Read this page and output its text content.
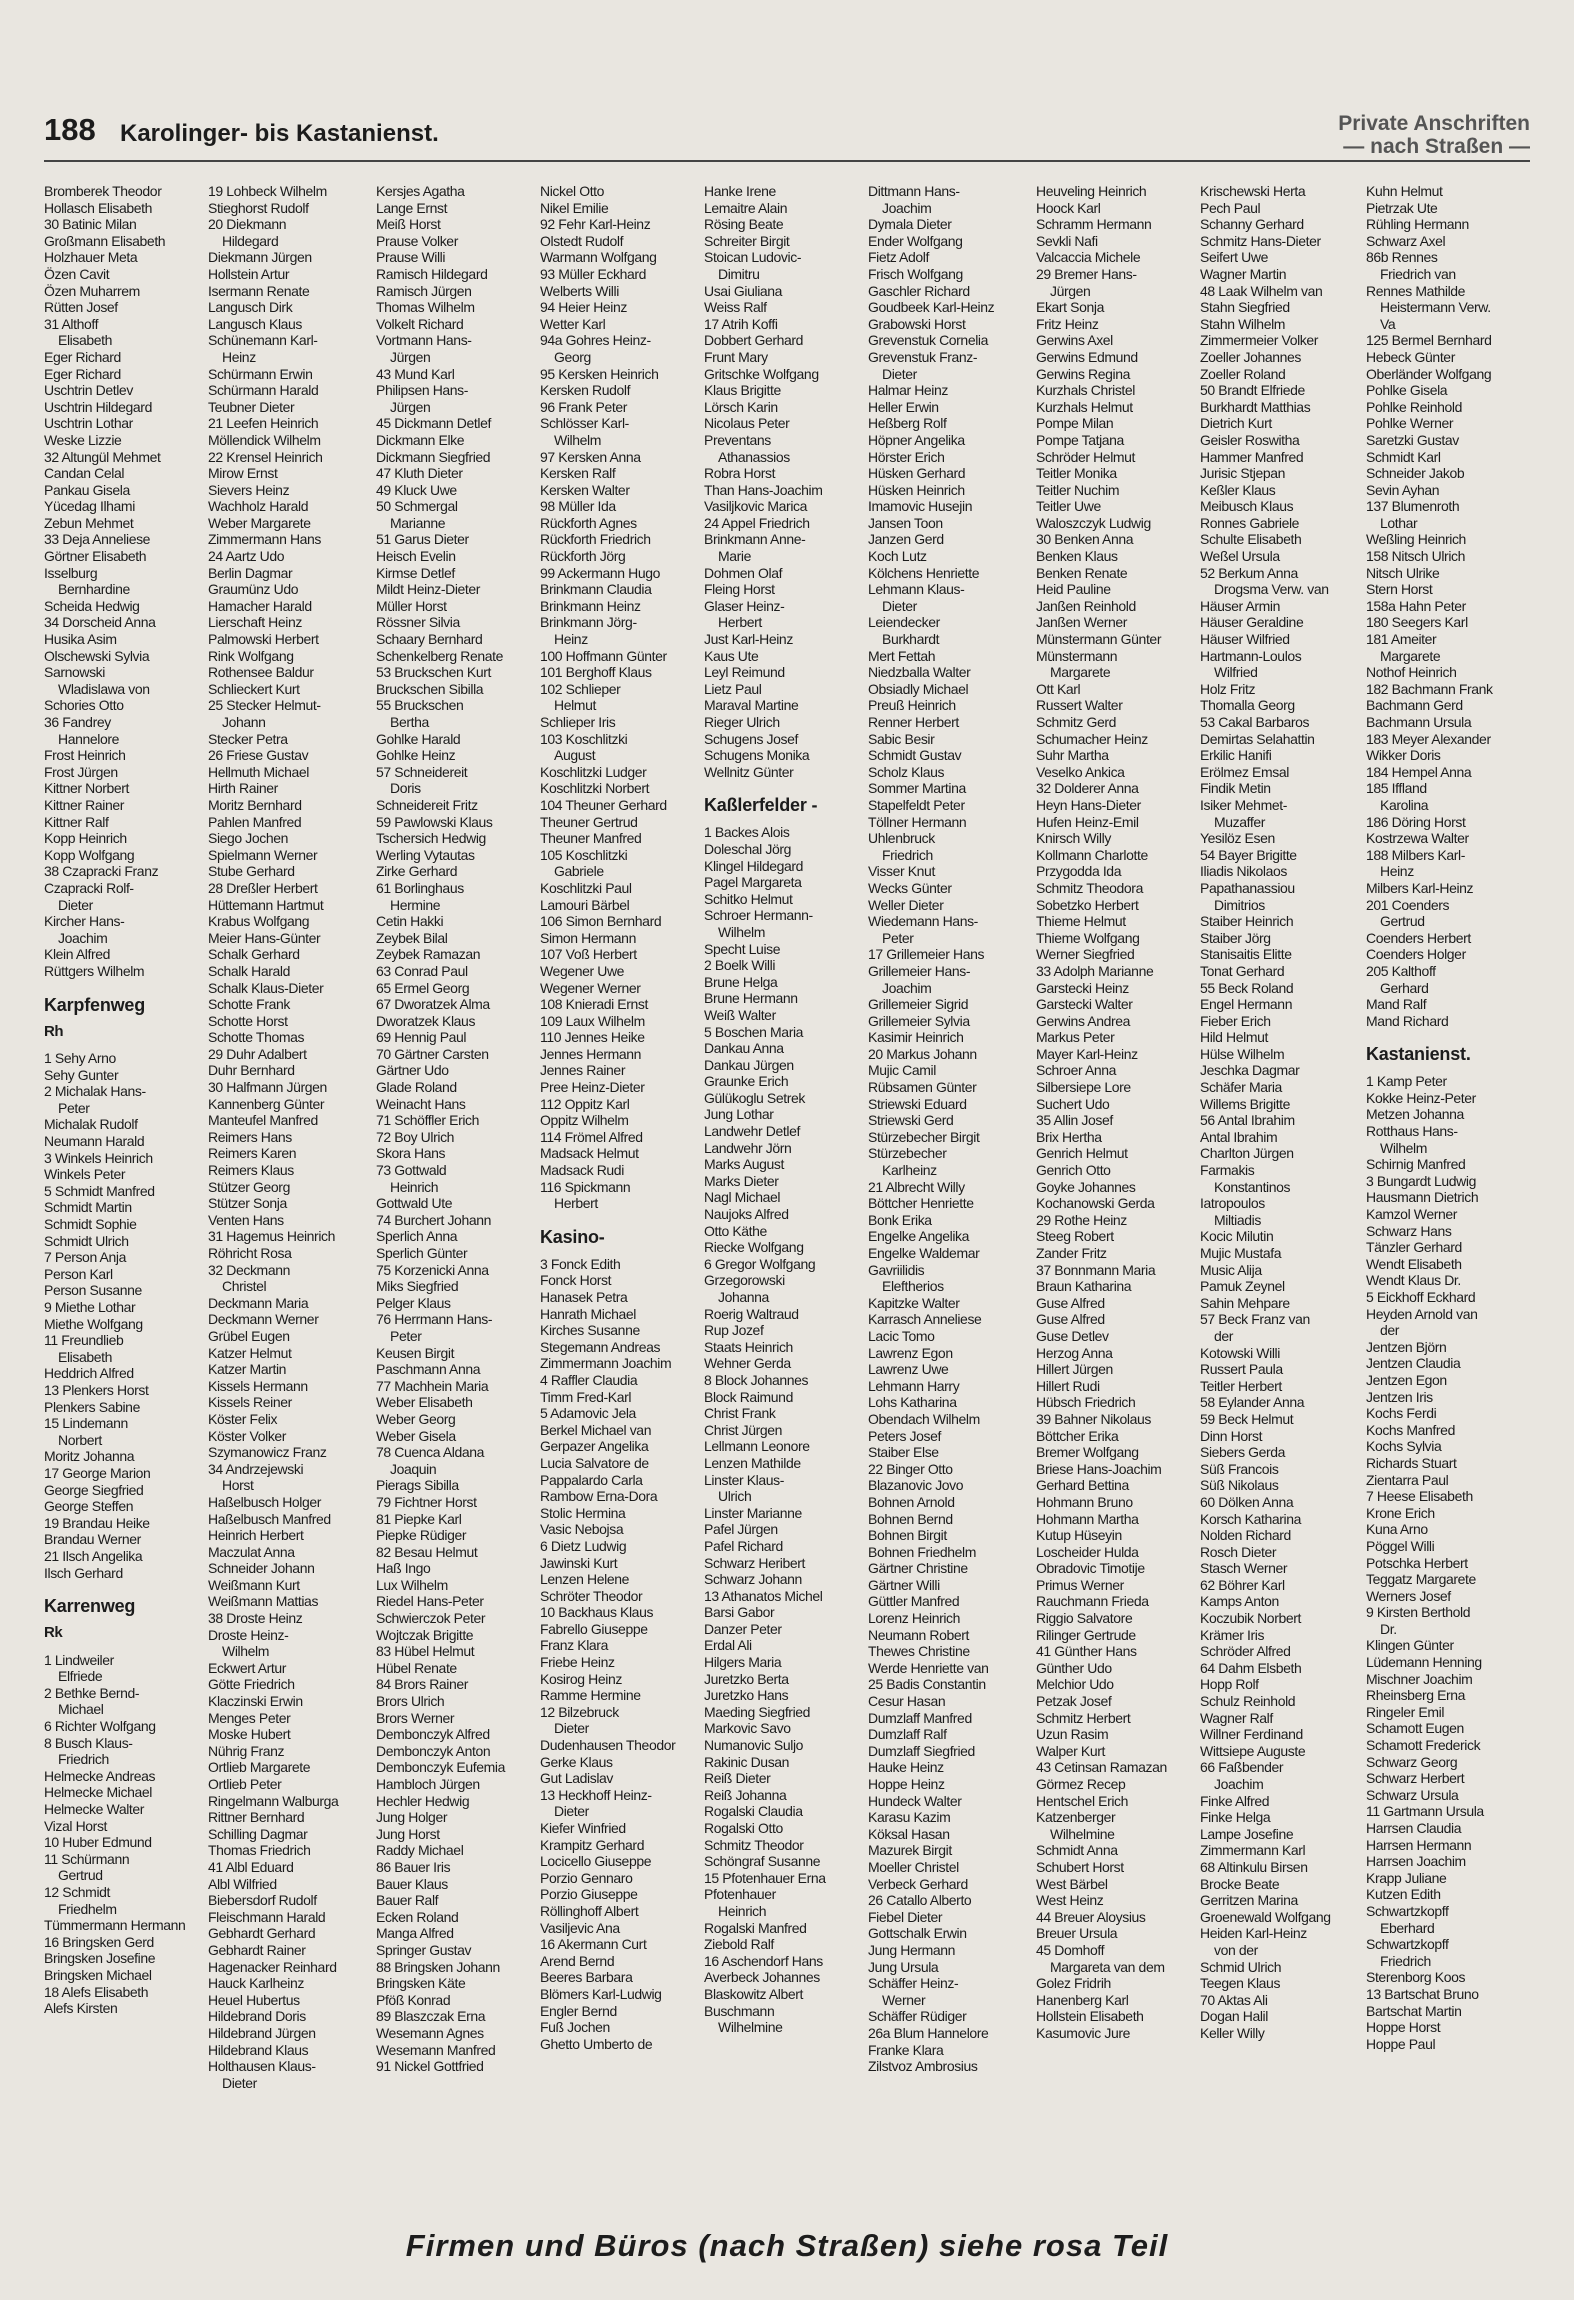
188 Karolinger- bis Kastanienst.	Private Anschriften
— nach Straßen —
Bromberek Theodor
Hollasch Elisabeth
30 Batinic Milan
Großmann Elisabeth
Holzhauer Meta
Özen Cavit
Özen Muharrem
Rütten Josef
31 Althoff
Elisabeth
Eger Richard
Eger Richard
Uschtrin Detlev
Uschtrin Hildegard
Uschtrin Lothar
Weske Lizzie
32 Altungül Mehmet
Candan Celal
Pankau Gisela
Yücedag Ilhami
Zebun Mehmet
33 Deja Anneliese
Görtner Elisabeth
Isselburg
Bernhardine
Scheida Hedwig
34 Dorscheid Anna
Husika Asim
Olschewski Sylvia
Sarnowski
Wladislawa von
Schories Otto
36 Fandrey
Hannelore
Frost Heinrich
Frost Jürgen
Kittner Norbert
Kittner Rainer
Kittner Ralf
Kopp Heinrich
Kopp Wolfgang
38 Czapracki Franz
Czapracki Rolf-
Dieter
Kircher Hans-
Joachim
Klein Alfred
Rüttgers Wilhelm
Karpfenweg
Rh
1 Sehy Arno
Sehy Gunter
2 Michalak Hans-
Peter
Michalak Rudolf
Neumann Harald
3 Winkels Heinrich
Winkels Peter
5 Schmidt Manfred
Schmidt Martin
Schmidt Sophie
Schmidt Ulrich
7 Person Anja
Person Karl
Person Susanne
9 Miethe Lothar
Miethe Wolfgang
11 Freundlieb
Elisabeth
Heddrich Alfred
13 Plenkers Horst
Plenkers Sabine
15 Lindemann
Norbert
Moritz Johanna
17 George Marion
George Siegfried
George Steffen
19 Brandau Heike
Brandau Werner
21 Ilsch Angelika
Ilsch Gerhard
Karrenweg
Rk
1 Lindweiler
Elfriede
2 Bethke Bernd-
Michael
6 Richter Wolfgang
8 Busch Klaus-
Friedrich
Helmecke Andreas
Helmecke Michael
Helmecke Walter
Vizal Horst
10 Huber Edmund
11 Schürmann
Gertrud
12 Schmidt
Friedhelm
Tümmermann Hermann
16 Bringsken Gerd
Bringsken Josefine
Bringsken Michael
18 Alefs Elisabeth
Alefs Kirsten
19 Lohbeck Wilhelm
Stieghorst Rudolf
20 Diekmann
Hildegard
Diekmann Jürgen
Hollstein Artur
Isermann Renate
Langusch Dirk
Langusch Klaus
Schünemann Karl-
Heinz
Schürmann Erwin
Schürmann Harald
Teubner Dieter
21 Leefen Heinrich
Möllendick Wilhelm
22 Krensel Heinrich
Mirow Ernst
Sievers Heinz
Wachholz Harald
Weber Margarete
Zimmermann Hans
24 Aartz Udo
Berlin Dagmar
Graumünz Udo
Hamacher Harald
Lierschaft Heinz
Palmowski Herbert
Rink Wolfgang
Rothensee Baldur
Schlieckert Kurt
25 Stecker Helmut-
Johann
Stecker Petra
26 Friese Gustav
Hellmuth Michael
Hirth Rainer
Moritz Bernhard
Pahlen Manfred
Siego Jochen
Spielmann Werner
Stube Gerhard
28 Dreßler Herbert
Hüttemann Hartmut
Krabus Wolfgang
Meier Hans-Günter
Schalk Gerhard
Schalk Harald
Schalk Klaus-Dieter
Schotte Frank
Schotte Horst
Schotte Thomas
29 Duhr Adalbert
Duhr Bernhard
30 Halfmann Jürgen
Kannenberg Günter
Manteufel Manfred
Reimers Hans
Reimers Karen
Reimers Klaus
Stützer Georg
Stützer Sonja
Venten Hans
31 Hagemus Heinrich
Röhricht Rosa
32 Deckmann
Christel
Deckmann Maria
Deckmann Werner
Grübel Eugen
Katzer Helmut
Katzer Martin
Kissels Hermann
Kissels Reiner
Köster Felix
Köster Volker
Szymanowicz Franz
34 Andrzejewski
Horst
Haßelbusch Holger
Haßelbusch Manfred
Heinrich Herbert
Maczulat Anna
Schneider Johann
Weißmann Kurt
Weißmann Mattias
38 Droste Heinz
Droste Heinz-
Wilhelm
Eckwert Artur
Götte Friedrich
Klaczinski Erwin
Menges Peter
Moske Hubert
Nührig Franz
Ortlieb Margarete
Ortlieb Peter
Ringelmann Walburga
Rittner Bernhard
Schilling Dagmar
Thomas Friedrich
41 Albl Eduard
Albl Wilfried
Biebersdorf Rudolf
Fleischmann Harald
Gebhardt Gerhard
Gebhardt Rainer
Hagenacker Reinhard
Hauck Karlheinz
Heuel Hubertus
Hildebrand Doris
Hildebrand Jürgen
Hildebrand Klaus
Holthausen Klaus-
Dieter
Kersjes Agatha
Lange Ernst
Meiß Horst
Prause Volker
Prause Willi
Ramisch Hildegard
Ramisch Jürgen
Thomas Wilhelm
Volkelt Richard
Vortmann Hans-
Jürgen
43 Mund Karl
Philipsen Hans-
Jürgen
45 Dickmann Detlef
Dickmann Elke
Dickmann Siegfried
47 Kluth Dieter
49 Kluck Uwe
50 Schmergal
Marianne
51 Garus Dieter
Heisch Evelin
Kirmse Detlef
Mildt Heinz-Dieter
Müller Horst
Rössner Silvia
Schaary Bernhard
Schenkelberg Renate
53 Bruckschen Kurt
Bruckschen Sibilla
55 Bruckschen
Bertha
Gohlke Harald
Gohlke Heinz
57 Schneidereit
Doris
Schneidereit Fritz
59 Pawlowski Klaus
Tschersich Hedwig
Werling Vytautas
Zirke Gerhard
61 Borlinghaus
Hermine
Cetin Hakki
Zeybek Bilal
Zeybek Ramazan
63 Conrad Paul
65 Ermel Georg
67 Dworatzek Alma
Dworatzek Klaus
69 Hennig Paul
70 Gärtner Carsten
Gärtner Udo
Glade Roland
Weinacht Hans
71 Schöffler Erich
72 Boy Ulrich
Skora Hans
73 Gottwald
Heinrich
Gottwald Ute
74 Burchert Johann
Sperlich Anna
Sperlich Günter
75 Korzenicki Anna
Miks Siegfried
Pelger Klaus
76 Herrmann Hans-
Peter
Keusen Birgit
Paschmann Anna
77 Machhein Maria
Weber Elisabeth
Weber Georg
Weber Gisela
78 Cuenca Aldana
Joaquin
Pierags Sibilla
79 Fichtner Horst
81 Piepke Karl
Piepke Rüdiger
82 Besau Helmut
Haß Ingo
Lux Wilhelm
Riedel Hans-Peter
Schwierczok Peter
Wojtczak Brigitte
83 Hübel Helmut
Hübel Renate
84 Brors Rainer
Brors Ulrich
Brors Werner
Dembonczyk Alfred
Dembonczyk Anton
Dembonczyk Eufemia
Hambloch Jürgen
Hechler Hedwig
Jung Holger
Jung Horst
Raddy Michael
86 Bauer Iris
Bauer Klaus
Bauer Ralf
Ecken Roland
Manga Alfred
Springer Gustav
88 Bringsken Johann
Bringsken Käte
Pföß Konrad
89 Blaszczak Erna
Wesemann Agnes
Wesemann Manfred
91 Nickel Gottfried
Nickel Otto
Nikel Emilie
92 Fehr Karl-Heinz
Olstedt Rudolf
Warmann Wolfgang
93 Müller Eckhard
Welberts Willi
94 Heier Heinz
Wetter Karl
94a Gohres Heinz-
Georg
95 Kersken Heinrich
Kersken Rudolf
96 Frank Peter
Schlösser Karl-
Wilhelm
97 Kersken Anna
Kersken Ralf
Kersken Walter
98 Müller Ida
Rückforth Agnes
Rückforth Friedrich
Rückforth Jörg
99 Ackermann Hugo
Brinkmann Claudia
Brinkmann Heinz
Brinkmann Jörg-
Heinz
100 Hoffmann Günter
101 Berghoff Klaus
102 Schlieper
Helmut
Schlieper Iris
103 Koschlitzki
August
Koschlitzki Ludger
Koschlitzki Norbert
104 Theuner Gerhard
Theuner Gertrud
Theuner Manfred
105 Koschlitzki
Gabriele
Koschlitzki Paul
Lamouri Bärbel
106 Simon Bernhard
Simon Hermann
107 Voß Herbert
Wegener Uwe
Wegener Werner
108 Knieradi Ernst
109 Laux Wilhelm
110 Jennes Heike
Jennes Hermann
Jennes Rainer
Pree Heinz-Dieter
112 Oppitz Karl
Oppitz Wilhelm
114 Frömel Alfred
Madsack Helmut
Madsack Rudi
116 Spickmann
Herbert
Kasino-
3 Fonck Edith
Fonck Horst
Hanasek Petra
Hanrath Michael
Kirches Susanne
Stegemann Andreas
Zimmermann Joachim
4 Raffler Claudia
Timm Fred-Karl
5 Adamovic Jela
Berkel Michael van
Gerpazer Angelika
Lucia Salvatore de
Pappalardo Carla
Rambow Erna-Dora
Stolic Hermina
Vasic Nebojsa
6 Dietz Ludwig
Jawinski Kurt
Lenzen Helene
Schröter Theodor
10 Backhaus Klaus
Fabrello Giuseppe
Franz Klara
Friebe Heinz
Kosirog Heinz
Ramme Hermine
12 Bilzebruck
Dieter
Dudenhausen Theodor
Gerke Klaus
Gut Ladislav
13 Heckhoff Heinz-
Dieter
Kiefer Winfried
Krampitz Gerhard
Locicello Giuseppe
Porzio Gennaro
Porzio Giuseppe
Röllinghoff Albert
Vasiljevic Ana
16 Akermann Curt
Arend Bernd
Beeres Barbara
Blömers Karl-Ludwig
Engler Bernd
Fuß Jochen
Ghetto Umberto de
Hanke Irene
Lemaitre Alain
Rösing Beate
Schreiter Birgit
Stoican Ludovic-
Dimitru
Usai Giuliana
Weiss Ralf
17 Atrih Koffi
Dobbert Gerhard
Frunt Mary
Gritschke Wolfgang
Klaus Brigitte
Lörsch Karin
Nicolaus Peter
Preventans
Athanassios
Robra Horst
Than Hans-Joachim
Vasiljkovic Marica
24 Appel Friedrich
Brinkmann Anne-
Marie
Dohmen Olaf
Fleing Horst
Glaser Heinz-
Herbert
Just Karl-Heinz
Kaus Ute
Leyl Reimund
Lietz Paul
Maraval Martine
Rieger Ulrich
Schugens Josef
Schugens Monika
Wellnitz Günter
Kaßlerfelder -
1 Backes Alois
Doleschal Jörg
Klingel Hildegard
Pagel Margareta
Schitko Helmut
Schroer Hermann-
Wilhelm
Specht Luise
2 Boelk Willi
Brune Helga
Brune Hermann
Weiß Walter
5 Boschen Maria
Dankau Anna
Dankau Jürgen
Graunke Erich
Gülükoglu Setrek
Jung Lothar
Landwehr Detlef
Landwehr Jörn
Marks August
Marks Dieter
Nagl Michael
Naujoks Alfred
Otto Käthe
Riecke Wolfgang
6 Gregor Wolfgang
Grzegorowski
Johanna
Roerig Waltraud
Rup Jozef
Staats Heinrich
Wehner Gerda
8 Block Johannes
Block Raimund
Christ Frank
Christ Jürgen
Lellmann Leonore
Lenzen Mathilde
Linster Klaus-
Ulrich
Linster Marianne
Pafel Jürgen
Pafel Richard
Schwarz Heribert
Schwarz Johann
13 Athanatos Michel
Barsi Gabor
Danzer Peter
Erdal Ali
Hilgers Maria
Juretzko Berta
Juretzko Hans
Maeding Siegfried
Markovic Savo
Numanovic Suljo
Rakinic Dusan
Reiß Dieter
Reiß Johanna
Rogalski Claudia
Rogalski Otto
Schmitz Theodor
Schöngraf Susanne
15 Pfotenhauer Erna
Pfotenhauer
Heinrich
Rogalski Manfred
Ziebold Ralf
16 Aschendorf Hans
Averbeck Johannes
Blaskowitz Albert
Buschmann
Wilhelmine
Dittmann Hans-
Joachim
Dymala Dieter
Ender Wolfgang
Fietz Adolf
Frisch Wolfgang
Gaschler Richard
Goudbeek Karl-Heinz
Grabowski Horst
Grevenstuk Cornelia
Grevenstuk Franz-
Dieter
Halmar Heinz
Heller Erwin
Heßberg Rolf
Höpner Angelika
Hörster Erich
Hüsken Gerhard
Hüsken Heinrich
Imamovic Husejin
Jansen Toon
Janzen Gerd
Koch Lutz
Kölchens Henriette
Lehmann Klaus-
Dieter
Leiendecker
Burkhardt
Mert Fettah
Niedzballa Walter
Obsiadly Michael
Preuß Heinrich
Renner Herbert
Sabic Besir
Schmidt Gustav
Scholz Klaus
Sommer Martina
Stapelfeldt Peter
Töllner Hermann
Uhlenbruck
Friedrich
Visser Knut
Wecks Günter
Weller Dieter
Wiedemann Hans-
Peter
17 Grillemeier Hans
Grillemeier Hans-
Joachim
Grillemeier Sigrid
Grillemeier Sylvia
Kasimir Heinrich
20 Markus Johann
Mujic Camil
Rübsamen Günter
Striewski Eduard
Striewski Gerd
Stürzebecher Birgit
Stürzebecher
Karlheinz
21 Albrecht Willy
Böttcher Henriette
Bonk Erika
Engelke Angelika
Engelke Waldemar
Gavriilidis
Eleftherios
Kapitzke Walter
Karrasch Anneliese
Lacic Tomo
Lawrenz Egon
Lawrenz Uwe
Lehmann Harry
Lohs Katharina
Obendach Wilhelm
Peters Josef
Staiber Else
22 Binger Otto
Blazanovic Jovo
Bohnen Arnold
Bohnen Bernd
Bohnen Birgit
Bohnen Friedhelm
Gärtner Christine
Gärtner Willi
Güttler Manfred
Lorenz Heinrich
Neumann Robert
Thewes Christine
Werde Henriette van
25 Badis Constantin
Cesur Hasan
Dumzlaff Manfred
Dumzlaff Ralf
Dumzlaff Siegfried
Hauke Heinz
Hoppe Heinz
Hundeck Walter
Karasu Kazim
Köksal Hasan
Mazurek Birgit
Moeller Christel
Verbeck Gerhard
26 Catallo Alberto
Fiebel Dieter
Gottschalk Erwin
Jung Hermann
Jung Ursula
Schäffer Heinz-
Werner
Schäffer Rüdiger
26a Blum Hannelore
Franke Klara
Zilstvoz Ambrosius
Heuveling Heinrich
Hoock Karl
Schramm Hermann
Sevkli Nafi
Valcaccia Michele
29 Bremer Hans-
Jürgen
Ekart Sonja
Fritz Heinz
Gerwins Axel
Gerwins Edmund
Gerwins Regina
Kurzhals Christel
Kurzhals Helmut
Pompe Milan
Pompe Tatjana
Schröder Helmut
Teitler Monika
Teitler Nuchim
Teitler Uwe
Waloszczyk Ludwig
30 Benken Anna
Benken Klaus
Benken Renate
Heid Pauline
Janßen Reinhold
Janßen Werner
Münstermann Günter
Münstermann
Margarete
Ott Karl
Russert Walter
Schmitz Gerd
Schumacher Heinz
Suhr Martha
Veselko Ankica
32 Dolderer Anna
Heyn Hans-Dieter
Hufen Heinz-Emil
Knirsch Willy
Kollmann Charlotte
Przygodda Ida
Schmitz Theodora
Sobetzko Herbert
Thieme Helmut
Thieme Wolfgang
Werner Siegfried
33 Adolph Marianne
Garstecki Heinz
Garstecki Walter
Gerwins Andrea
Markus Peter
Mayer Karl-Heinz
Schroer Anna
Silbersiepe Lore
Suchert Udo
35 Allin Josef
Brix Hertha
Genrich Helmut
Genrich Otto
Goyke Johannes
Kochanowski Gerda
29 Rothe Heinz
Steeg Robert
Zander Fritz
37 Bonnmann Maria
Braun Katharina
Guse Alfred
Guse Alfred
Guse Detlev
Herzog Anna
Hillert Jürgen
Hillert Rudi
Hübsch Friedrich
39 Bahner Nikolaus
Böttcher Erika
Bremer Wolfgang
Briese Hans-Joachim
Gerhard Bettina
Hohmann Bruno
Hohmann Martha
Kutup Hüseyin
Loscheider Hulda
Obradovic Timotije
Primus Werner
Rauchmann Frieda
Riggio Salvatore
Rilinger Gertrude
41 Günther Hans
Günther Udo
Melchior Udo
Petzak Josef
Schmitz Herbert
Uzun Rasim
Walper Kurt
43 Cetinsan Ramazan
Görmez Recep
Hentschel Erich
Katzenberger
Wilhelmine
Schmidt Anna
Schubert Horst
West Bärbel
West Heinz
44 Breuer Aloysius
Breuer Ursula
45 Domhoff
Margareta van dem
Golez Fridrih
Hanenberg Karl
Hollstein Elisabeth
Kasumovic Jure
Krischewski Herta
Pech Paul
Schanny Gerhard
Schmitz Hans-Dieter
Seifert Uwe
Wagner Martin
48 Laak Wilhelm van
Stahn Siegfried
Stahn Wilhelm
Zimmermeier Volker
Zoeller Johannes
Zoeller Roland
50 Brandt Elfriede
Burkhardt Matthias
Dietrich Kurt
Geisler Roswitha
Hammer Manfred
Jurisic Stjepan
Keßler Klaus
Meibusch Klaus
Ronnes Gabriele
Schulte Elisabeth
Weßel Ursula
52 Berkum Anna
Drogsma Verw. van
Häuser Armin
Häuser Geraldine
Häuser Wilfried
Hartmann-Loulos
Wilfried
Holz Fritz
Thomalla Georg
53 Cakal Barbaros
Demirtas Selahattin
Erkilic Hanifi
Erölmez Emsal
Findik Metin
Isiker Mehmet-
Muzaffer
Yesilöz Esen
54 Bayer Brigitte
Iliadis Nikolaos
Papathanassiou
Dimitrios
Staiber Heinrich
Staiber Jörg
Stanisaitis Elitte
Tonat Gerhard
55 Beck Roland
Engel Hermann
Fieber Erich
Hild Helmut
Hülse Wilhelm
Jeschka Dagmar
Schäfer Maria
Willems Brigitte
56 Antal Ibrahim
Antal Ibrahim
Charlton Jürgen
Farmakis
Konstantinos
Iatropoulos
Miltiadis
Kocic Milutin
Mujic Mustafa
Music Alija
Pamuk Zeynel
Sahin Mehpare
57 Beck Franz van
der
Kotowski Willi
Russert Paula
Teitler Herbert
58 Eylander Anna
59 Beck Helmut
Dinn Horst
Siebers Gerda
Süß Francois
Süß Nikolaus
60 Dölken Anna
Korsch Katharina
Nolden Richard
Rosch Dieter
Stasch Werner
62 Böhrer Karl
Kamps Anton
Koczubik Norbert
Krämer Iris
Schröder Alfred
64 Dahm Elsbeth
Hopp Rolf
Schulz Reinhold
Wagner Ralf
Willner Ferdinand
Wittsiepe Auguste
66 Faßbender
Joachim
Finke Alfred
Finke Helga
Lampe Josefine
Zimmermann Karl
68 Altinkulu Birsen
Brocke Beate
Gerritzen Marina
Groenewald Wolfgang
Heiden Karl-Heinz
von der
Schmid Ulrich
Teegen Klaus
70 Aktas Ali
Dogan Halil
Keller Willy
Kuhn Helmut
Pietrzak Ute
Rühling Hermann
Schwarz Axel
86b Rennes
Friedrich van
Rennes Mathilde
Heistermann Verw.
Va
125 Bermel Bernhard
Hebeck Günter
Oberländer Wolfgang
Pohlke Gisela
Pohlke Reinhold
Pohlke Werner
Saretzki Gustav
Schmidt Karl
Schneider Jakob
Sevin Ayhan
137 Blumenroth
Lothar
Weßling Heinrich
158 Nitsch Ulrich
Nitsch Ulrike
Stern Horst
158a Hahn Peter
180 Seegers Karl
181 Ameiter
Margarete
Nothof Heinrich
182 Bachmann Frank
Bachmann Gerd
Bachmann Ursula
183 Meyer Alexander
Wikker Doris
184 Hempel Anna
185 Iffland
Karolina
186 Döring Horst
Kostrzewa Walter
188 Milbers Karl-
Heinz
Milbers Karl-Heinz
201 Coenders
Gertrud
Coenders Herbert
Coenders Holger
205 Kalthoff
Gerhard
Mand Ralf
Mand Richard
Kastanienst.
1 Kamp Peter
Kokke Heinz-Peter
Metzen Johanna
Rotthaus Hans-
Wilhelm
Schirnig Manfred
3 Bungardt Ludwig
Hausmann Dietrich
Kamzol Werner
Schwarz Hans
Tänzler Gerhard
Wendt Elisabeth
Wendt Klaus Dr.
5 Eickhoff Eckhard
Heyden Arnold van
der
Jentzen Björn
Jentzen Claudia
Jentzen Egon
Jentzen Iris
Kochs Ferdi
Kochs Manfred
Kochs Sylvia
Richards Stuart
Zientarra Paul
7 Heese Elisabeth
Krone Erich
Kuna Arno
Pöggel Willi
Potschka Herbert
Teggatz Margarete
Werners Josef
9 Kirsten Berthold
Dr.
Klingen Günter
Lüdemann Henning
Mischner Joachim
Rheinsberg Erna
Ringeler Emil
Schamott Eugen
Schamott Frederick
Schwarz Georg
Schwarz Herbert
Schwarz Ursula
11 Gartmann Ursula
Harrsen Claudia
Harrsen Hermann
Harrsen Joachim
Krapp Juliane
Kutzen Edith
Schwartzkopff
Eberhard
Schwartzkopff
Friedrich
Sterenborg Koos
13 Bartschat Bruno
Bartschat Martin
Hoppe Horst
Hoppe Paul
Firmen und Büros (nach Straßen) siehe rosa Teil
